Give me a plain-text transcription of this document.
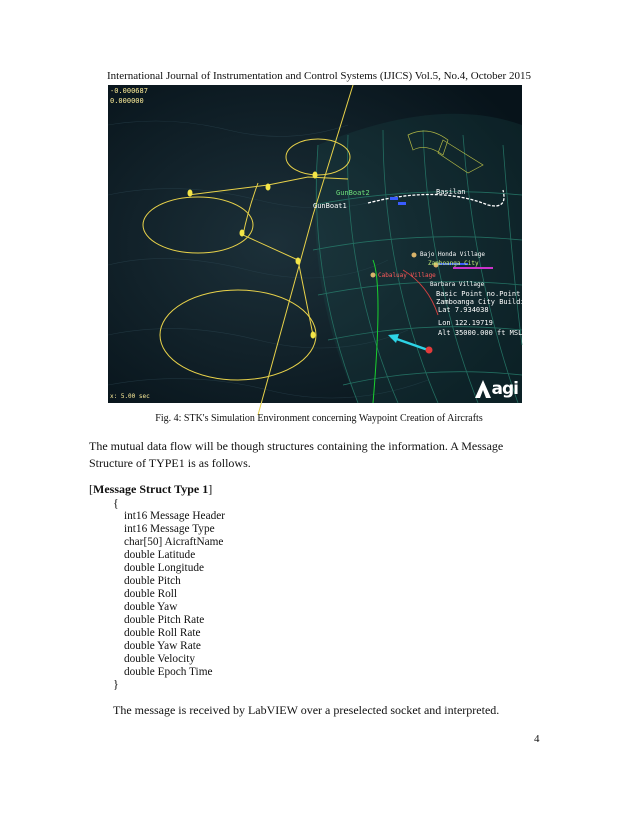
International Journal of Instrumentation and Control Systems (IJICS) Vol.5, No.4, October 2015
-0.000687
0.000000
x: 5.00 sec
GunBoat2
GunBoat1
Basilan
Bajo Honda Village
Zamboanga City
Cabaluay Village
Barbara Village
Basic Point no.Point
Zamboanga City Building
Lat 7.934038
Lon 122.19719
Alt 35000.000 ft MSL
agi
Fig. 4: STK's Simulation Environment concerning Waypoint Creation of Aircrafts
The mutual data flow will be though structures containing the information. A Message Structure of TYPE1 is as follows.
[Message Struct Type 1]
{
int16 Message Header
int16 Message Type
char[50] AicraftName
double Latitude
double Longitude
double Pitch
double Roll
double Yaw
double Pitch Rate
double Roll Rate
double Yaw Rate
double Velocity
double Epoch Time
}
The message is received by LabVIEW over a preselected socket and interpreted.
4
